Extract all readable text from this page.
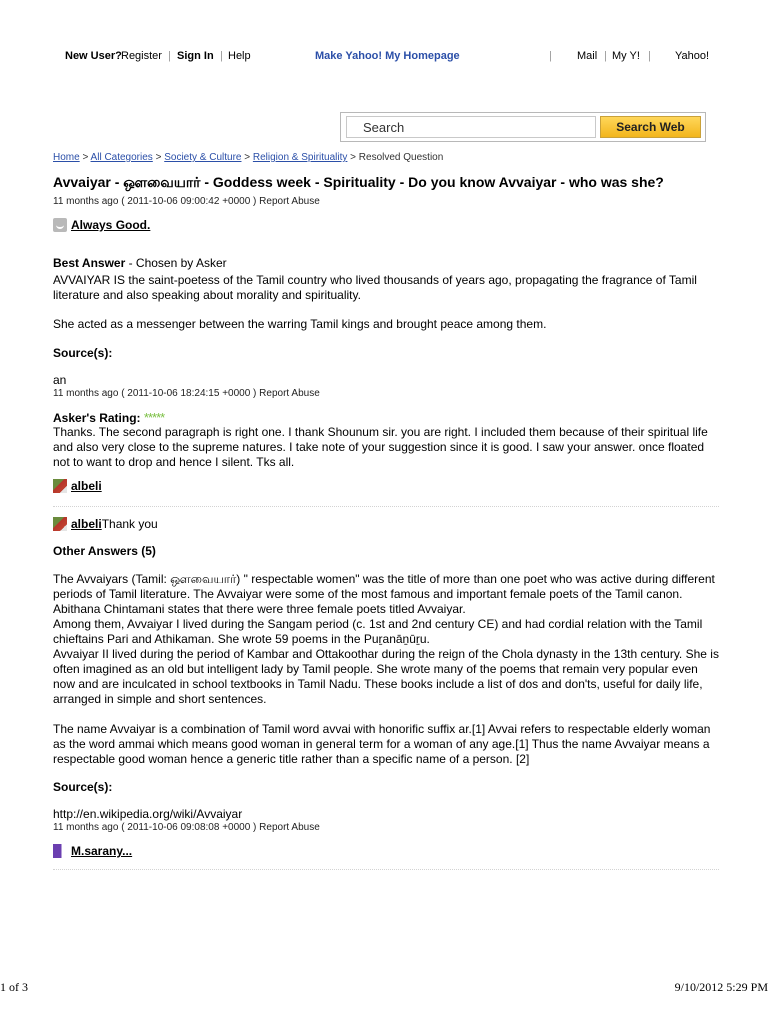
New User? Register | Sign In | Help	Make Yahoo! My Homepage	| Mail | My Y! | Yahoo!
Search
Search Web
Home > All Categories > Society & Culture > Religion & Spirituality > Resolved Question
Avvaiyar - ஔவையார் - Goddess week - Spirituality - Do you know Avvaiyar - who was she?
11 months ago ( 2011-10-06 09:00:42 +0000 ) Report Abuse
Always Good.
Best Answer - Chosen by Asker
AVVAIYAR IS the saint-poetess of the Tamil country who lived thousands of years ago, propagating the fragrance of Tamil literature and also speaking about morality and spirituality.
She acted as a messenger between the warring Tamil kings and brought peace among them.
Source(s):
an
11 months ago ( 2011-10-06 18:24:15 +0000 ) Report Abuse
Asker's Rating: *****
Thanks. The second paragraph is right one. I thank Shounum sir. you are right. I included them because of their spiritual life and also very close to the supreme natures. I take note of your suggestion since it is good. I saw your answer. once floated not to want to drop and hence I silent. Tks all.
albeli
albeli Thank you
Other Answers (5)
The Avvaiyars (Tamil: ஔவையார்) " respectable women" was the title of more than one poet who was active during different periods of Tamil literature. The Avvaiyar were some of the most famous and important female poets of the Tamil canon. Abithana Chintamani states that there were three female poets titled Avvaiyar.
Among them, Avvaiyar I lived during the Sangam period (c. 1st and 2nd century CE) and had cordial relation with the Tamil chieftains Pari and Athikaman. She wrote 59 poems in the Puṟanāṉūṟu.
Avvaiyar II lived during the period of Kambar and Ottakoothar during the reign of the Chola dynasty in the 13th century. She is often imagined as an old but intelligent lady by Tamil people. She wrote many of the poems that remain very popular even now and are inculcated in school textbooks in Tamil Nadu. These books include a list of dos and don'ts, useful for daily life, arranged in simple and short sentences.
The name Avvaiyar is a combination of Tamil word avvai with honorific suffix ar.[1] Avvai refers to respectable elderly woman as the word ammai which means good woman in general term for a woman of any age.[1] Thus the name Avvaiyar means a respectable good woman hence a generic title rather than a specific name of a person. [2]
Source(s):
http://en.wikipedia.org/wiki/Avvaiyar
11 months ago ( 2011-10-06 09:08:08 +0000 ) Report Abuse
M.sarany...
1 of 3	9/10/2012 5:29 PM
